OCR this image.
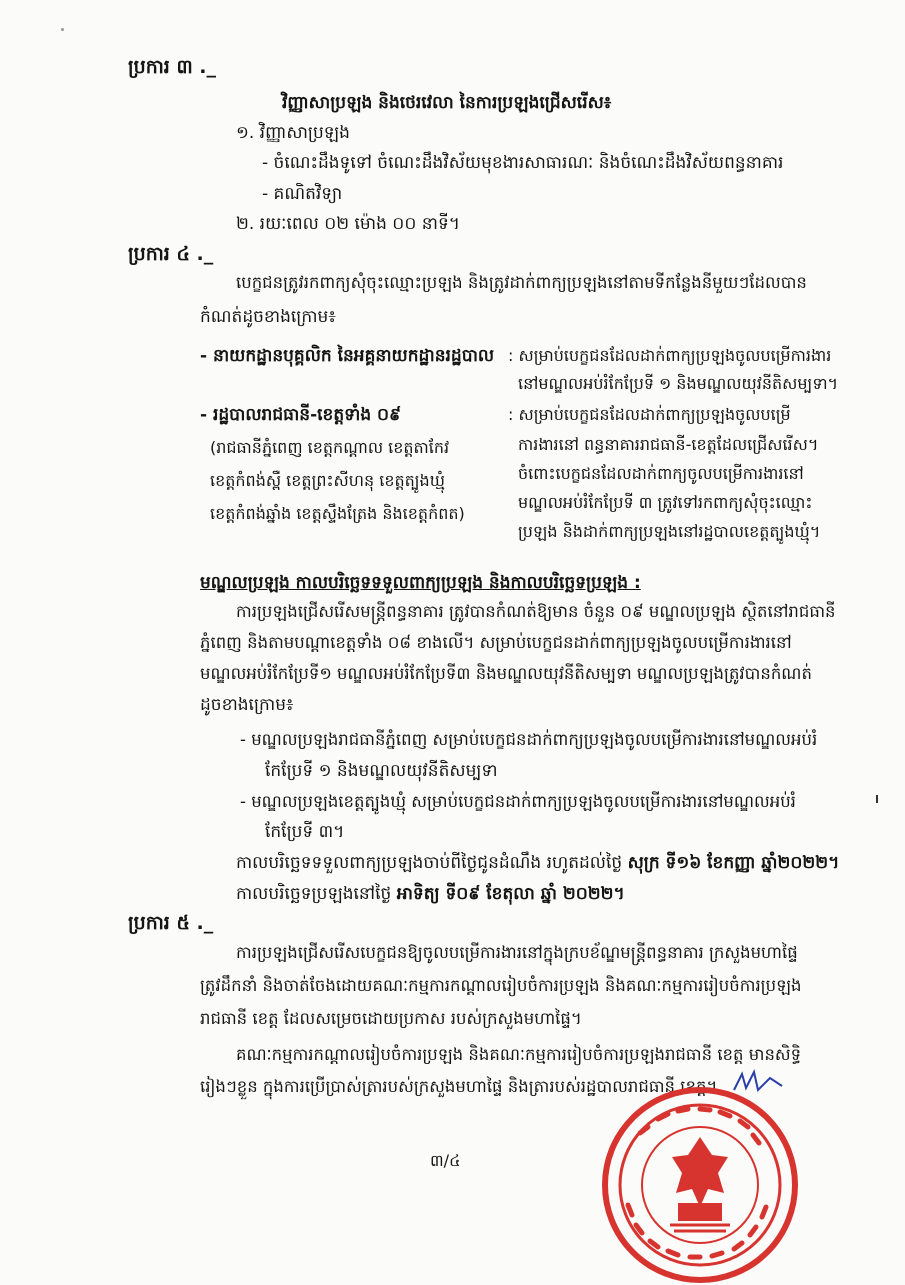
ប្រការ ៣ ._
វិញ្ញាសាប្រឡង និងថេរវេលា នៃការប្រឡងជ្រើសរើស៖
១. វិញ្ញាសាប្រឡង
- ចំណេះដឹងទូទៅ ចំណេះដឹងវិស័យមុខងារសាធារណៈ និងចំណេះដឹងវិស័យពន្ធនាគារ
- គណិតវិទ្យា
២. រយៈពេល ០២ ម៉ោង ០០ នាទី។
ប្រការ ៤ ._
បេក្ខជនត្រូវរកពាក្យសុំចុះឈ្មោះប្រឡង និងត្រូវដាក់ពាក្យប្រឡងនៅតាមទីកន្លែងនីមួយៗដែលបាន
កំណត់ដូចខាងក្រោម៖
- នាយកដ្ឋានបុគ្គលិក នៃអគ្គនាយកដ្ឋានរដ្ឋបាល : សម្រាប់បេក្ខជនដែលដាក់ពាក្យប្រឡងចូលបម្រើការងារ
នៅមណ្ឌលអប់រំកែប្រែទី ១ និងមណ្ឌលយុវនីតិសម្បទា។
- រដ្ឋបាលរាជធានី-ខេត្តទាំង ០៩
(រាជធានីភ្នំពេញ ខេត្តកណ្ដាល ខេត្តតាកែវ
ខេត្តកំពង់ស្ពឺ ខេត្តព្រះសីហនុ ខេត្តត្បូងឃ្មុំ
ខេត្តកំពង់ឆ្នាំង ខេត្តស្ទឹងត្រែង និងខេត្តកំពត)
: សម្រាប់បេក្ខជនដែលដាក់ពាក្យប្រឡងចូលបម្រើ
ការងារនៅ ពន្ធនាគាររាជធានី-ខេត្តដែលជ្រើសរើស។
ចំពោះបេក្ខជនដែលដាក់ពាក្យចូលបម្រើការងារនៅ
មណ្ឌលអប់រំកែប្រែទី ៣ ត្រូវទៅរកពាក្យសុំចុះឈ្មោះ
ប្រឡង និងដាក់ពាក្យប្រឡងនៅរដ្ឋបាលខេត្តត្បូងឃ្មុំ។
មណ្ឌលប្រឡង កាលបរិច្ឆេទទទួលពាក្យប្រឡង និងកាលបរិច្ឆេទប្រឡង :
ការប្រឡងជ្រើសរើសមន្ត្រីពន្ធនាគារ ត្រូវបានកំណត់ឱ្យមាន ចំនួន ០៩ មណ្ឌលប្រឡង ស្ថិតនៅរាជធានី
ភ្នំពេញ និងតាមបណ្ដាខេត្តទាំង ០៨ ខាងលើ។ សម្រាប់បេក្ខជនដាក់ពាក្យប្រឡងចូលបម្រើការងារនៅ
មណ្ឌលអប់រំកែប្រែទី១ មណ្ឌលអប់រំកែប្រែទី៣ និងមណ្ឌលយុវនីតិសម្បទា មណ្ឌលប្រឡងត្រូវបានកំណត់
ដូចខាងក្រោម៖
- មណ្ឌលប្រឡងរាជធានីភ្នំពេញ សម្រាប់បេក្ខជនដាក់ពាក្យប្រឡងចូលបម្រើការងារនៅមណ្ឌលអប់រំ
កែប្រែទី ១ និងមណ្ឌលយុវនីតិសម្បទា
- មណ្ឌលប្រឡងខេត្តត្បូងឃ្មុំ សម្រាប់បេក្ខជនដាក់ពាក្យប្រឡងចូលបម្រើការងារនៅមណ្ឌលអប់រំ
កែប្រែទី ៣។
កាលបរិច្ឆេទទទួលពាក្យប្រឡងចាប់ពីថ្ងៃជូនដំណឹង រហូតដល់ថ្ងៃ សុក្រ ទី១៦ ខែកញ្ញា ឆ្នាំ២០២២។
កាលបរិច្ឆេទប្រឡងនៅថ្ងៃ អាទិត្យ ទី០៩ ខែតុលា ឆ្នាំ ២០២២។
ប្រការ ៥ ._
ការប្រឡងជ្រើសរើសបេក្ខជនឱ្យចូលបម្រើការងារនៅក្នុងក្របខ័ណ្ឌមន្ត្រីពន្ធនាគារ ក្រសួងមហាផ្ទៃ
ត្រូវដឹកនាំ និងចាត់ចែងដោយគណៈកម្មការកណ្ដាលរៀបចំការប្រឡង និងគណៈកម្មការរៀបចំការប្រឡង
រាជធានី ខេត្ត ដែលសម្រេចដោយប្រកាស របស់ក្រសួងមហាផ្ទៃ។
គណៈកម្មការកណ្ដាលរៀបចំការប្រឡង និងគណៈកម្មការរៀបចំការប្រឡងរាជធានី ខេត្ត មានសិទ្ធិ
រៀងៗខ្លួន ក្នុងការប្រើប្រាស់ត្រារបស់ក្រសួងមហាផ្ទៃ និងត្រារបស់រដ្ឋបាលរាជធានី ខេត្ត។
៣/៤
